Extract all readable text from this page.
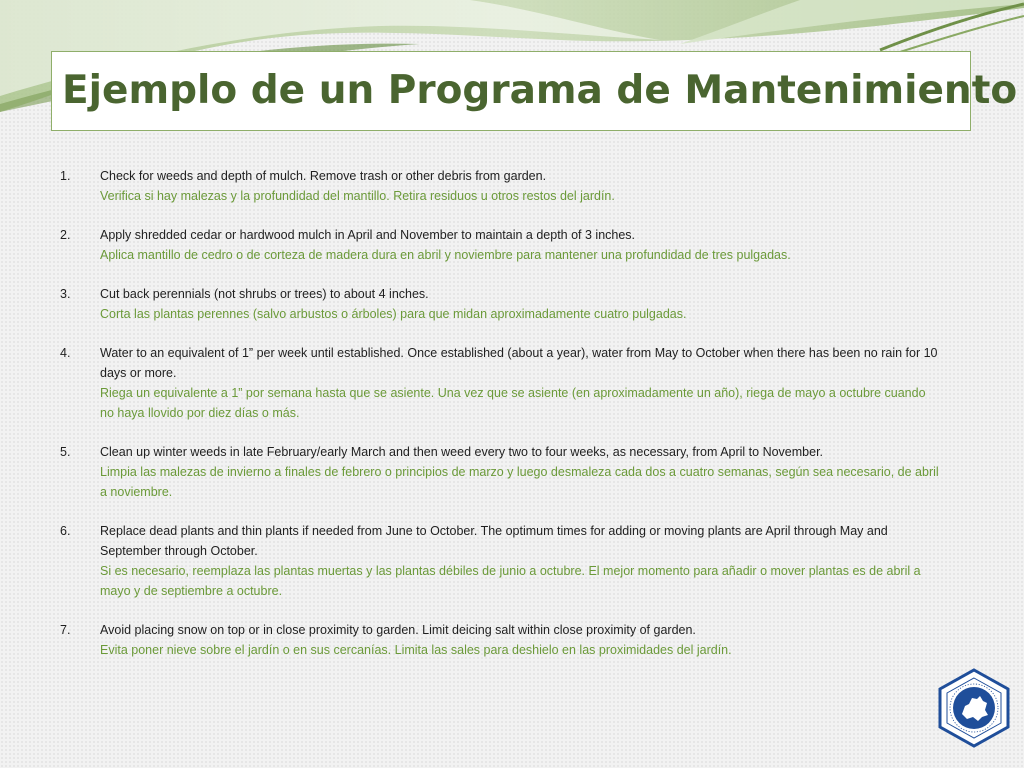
Ejemplo de un Programa de Mantenimiento
1.	Check for weeds and depth of mulch. Remove trash or other debris from garden.
Verifica si hay malezas y la profundidad del mantillo. Retira residuos u otros restos del jardín.
2.	Apply shredded cedar or hardwood mulch in April and November to maintain a depth of 3 inches.
Aplica mantillo de cedro o de corteza de madera dura en abril y noviembre para mantener una profundidad de tres pulgadas.
3.	Cut back perennials (not shrubs or trees) to about 4 inches.
Corta las plantas perennes (salvo arbustos o árboles) para que midan aproximadamente cuatro pulgadas.
4.	Water to an equivalent of 1” per week until established. Once established (about a year), water from May to October when there has been no rain for 10 days or more.
Riega un equivalente a 1” por semana hasta que se asiente. Una vez que se asiente (en aproximadamente un año), riega de mayo a octubre cuando no haya llovido por diez días o más.
5.	Clean up winter weeds in late February/early March and then weed every two to four weeks, as necessary, from April to November.
Limpia las malezas de invierno a finales de febrero o principios de marzo y luego desmaleza cada dos a cuatro semanas, según sea necesario, de abril a noviembre.
6.	Replace dead plants and thin plants if needed from June to October. The optimum times for adding or moving plants are April through May and September through October.
Si es necesario, reemplaza las plantas muertas y las plantas débiles de junio a octubre. El mejor momento para añadir o mover plantas es de abril a mayo y de septiembre a octubre.
7.	Avoid placing snow on top or in close proximity to garden. Limit deicing salt within close proximity of garden.
Evita poner nieve sobre el jardín o en sus cercanías. Limita las sales para deshielo en las proximidades del jardín.
